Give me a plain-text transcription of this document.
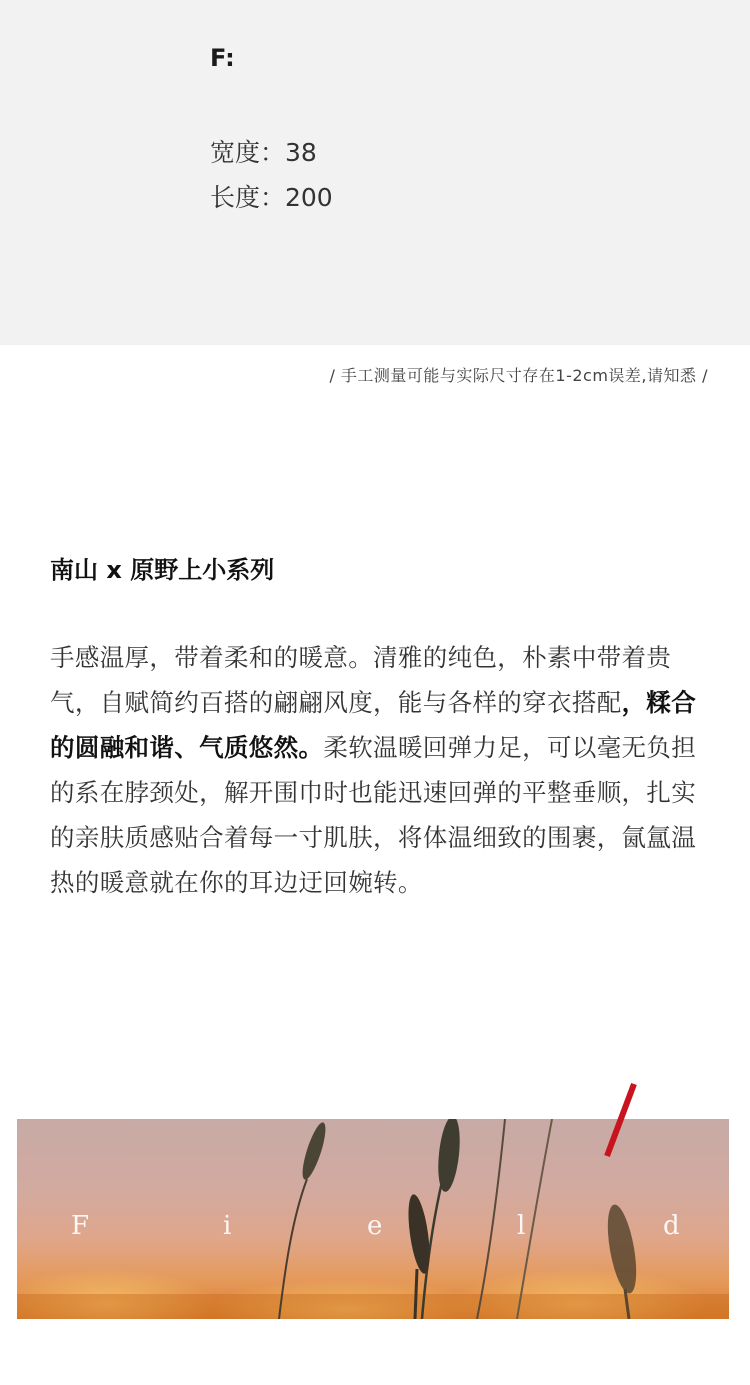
F:
宽度：38
长度：200
/ 手工测量可能与实际尺寸存在1-2cm误差,请知悉 /
南山 x 原野上小系列
手感温厚，带着柔和的暖意。清雅的纯色，朴素中带着贵气，自赋简约百搭的翩翩风度，能与各样的穿衣搭配，糅合的圆融和谐、气质悠然。柔软温暖回弹力足，可以毫无负担的系在脖颈处，解开围巾时也能迅速回弹的平整垂顺，扎实的亲肤质感贴合着每一寸肌肤，将体温细致的围裹，氤氲温热的暖意就在你的耳边迂回婉转。
F	i	e	l	d
